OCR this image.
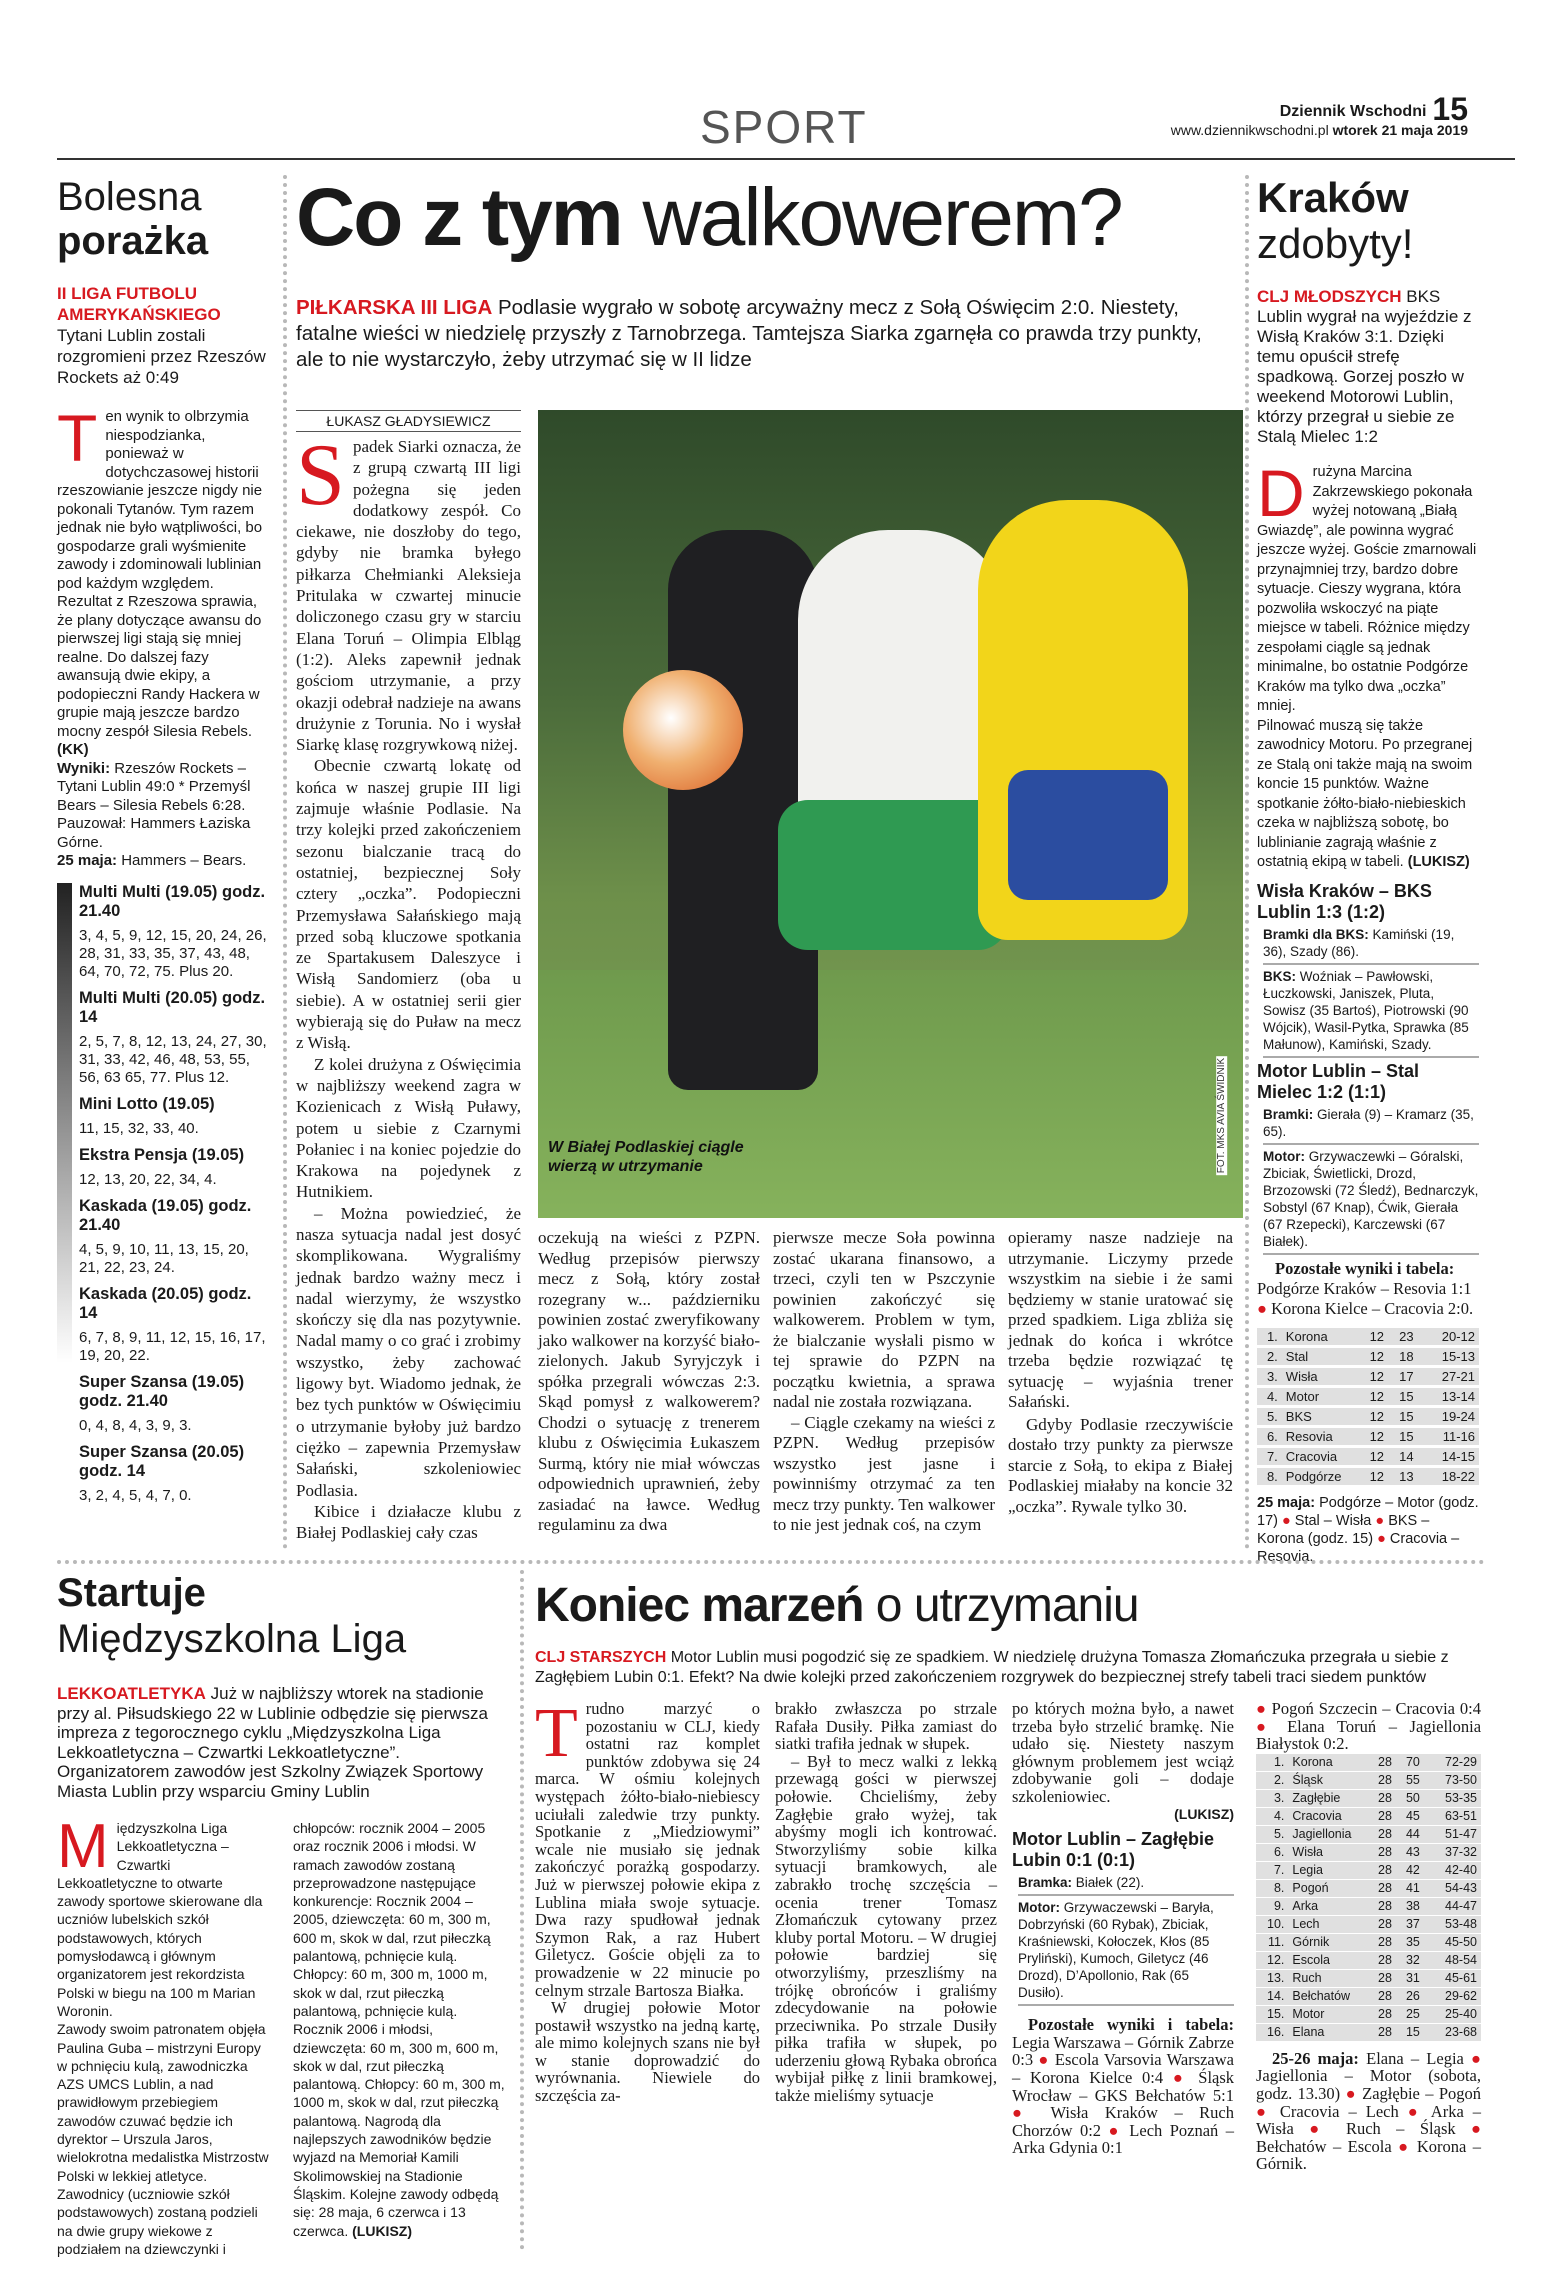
SPORT	Dziennik Wschodni 15
www.dziennikwschodni.pl wtorek 21 maja 2019
Bolesna
porażka
II LIGA FUTBOLU AMERYKAŃSKIEGO Tytani Lublin zostali rozgromieni przez Rzeszów Rockets aż 0:49
T en wynik to olbrzymia niespodzianka, ponieważ w dotychczasowej historii rzeszowianie jeszcze nigdy nie pokonali Tytanów. Tym razem jednak nie było wątpliwości, bo gospodarze grali wyśmienite zawody i zdominowali lublinian pod każdym względem. Rezultat z Rzeszowa sprawia, że plany dotyczące awansu do pierwszej ligi stają się mniej realne. Do dalszej fazy awansują dwie ekipy, a podopieczni Randy Hackera w grupie mają jeszcze bardzo mocny zespół Silesia Rebels. (KK)
Wyniki: Rzeszów Rockets – Tytani Lublin 49:0 * Przemyśl Bears – Silesia Rebels 6:28. Pauzował: Hammers Łaziska Górne.
25 maja: Hammers – Bears.
Multi Multi (19.05) godz. 21.40
3, 4, 5, 9, 12, 15, 20, 24, 26, 28, 31, 33, 35, 37, 43, 48, 64, 70, 72, 75. Plus 20.
Multi Multi (20.05) godz. 14
2, 5, 7, 8, 12, 13, 24, 27, 30, 31, 33, 42, 46, 48, 53, 55, 56, 63 65, 77. Plus 12.
Mini Lotto (19.05)
11, 15, 32, 33, 40.
Ekstra Pensja (19.05)
12, 13, 20, 22, 34, 4.
Kaskada (19.05) godz. 21.40
4, 5, 9, 10, 11, 13, 15, 20, 21, 22, 23, 24.
Kaskada (20.05) godz. 14
6, 7, 8, 9, 11, 12, 15, 16, 17, 19, 20, 22.
Super Szansa (19.05) godz. 21.40
0, 4, 8, 4, 3, 9, 3.
Super Szansa (20.05) godz. 14
3, 2, 4, 5, 4, 7, 0.
Co z tym walkowerem?
PIŁKARSKA III LIGA Podlasie wygrało w sobotę arcyważny mecz z Sołą Oświęcim 2:0. Niestety, fatalne wieści w niedzielę przyszły z Tarnobrzega. Tamtejsza Siarka zgarnęła co prawda trzy punkty, ale to nie wystarczyło, żeby utrzymać się w II lidze
ŁUKASZ GŁADYSIEWICZ
S padek Siarki oznacza, że z grupą czwartą III ligi pożegna się jeden dodatkowy zespół. Co ciekawe, nie doszłoby do tego, gdyby nie bramka byłego piłkarza Chełmianki Aleksieja Pritulaka w czwartej minucie doliczonego czasu gry w starciu Elana Toruń – Olimpia Elbląg (1:2). Aleks zapewnił jednak gościom utrzymanie, a przy okazji odebrał nadzieje na awans drużynie z Torunia. No i wysłał Siarkę klasę rozgrywkową niżej.

Obecnie czwartą lokatę od końca w naszej grupie III ligi zajmuje właśnie Podlasie. Na trzy kolejki przed zakończeniem sezonu bialczanie tracą do ostatniej, bezpiecznej Soły cztery „oczka”. Podopieczni Przemysława Sałańskiego mają przed sobą kluczowe spotkania ze Spartakusem Daleszyce i Wisłą Sandomierz (oba u siebie). A w ostatniej serii gier wybierają się do Puław na mecz z Wisłą.

Z kolei drużyna z Oświęcimia w najbliższy weekend zagra w Kozienicach z Wisłą Puławy, potem u siebie z Czarnymi Połaniec i na koniec pojedzie do Krakowa na pojedynek z Hutnikiem.

– Można powiedzieć, że nasza sytuacja nadal jest dosyć skomplikowana. Wygraliśmy jednak bardzo ważny mecz i nadal wierzymy, że wszystko skończy się dla nas pozytywnie. Nadal mamy o co grać i zrobimy wszystko, żeby zachować ligowy byt. Wiadomo jednak, że bez tych punktów w Oświęcimiu o utrzymanie byłoby już bardzo ciężko – zapewnia Przemysław Sałański, szkoleniowiec Podlasia.

Kibice i działacze klubu z Białej Podlaskiej cały czas

W Białej Podlaskiej ciągle wierzą w utrzymanie	FOT. MKS AVIA ŚWIDNIK
oczekują na wieści z PZPN. Według przepisów pierwszy mecz z Sołą, który został rozegrany w... październiku powinien zostać zweryfikowany jako walkower na korzyść biało-zielonych. Jakub Syryjczyk i spółka przegrali wówczas 2:3. Skąd pomysł z walkowerem? Chodzi o sytuację z trenerem klubu z Oświęcimia Łukaszem Surmą, który nie miał wówczas odpowiednich uprawnień, żeby zasiadać na ławce. Według regulaminu za dwa
pierwsze mecze Soła powinna zostać ukarana finansowo, a trzeci, czyli ten w Pszczynie powinien zakończyć się walkowerem. Problem w tym, że bialczanie wysłali pismo w tej sprawie do PZPN na początku kwietnia, a sprawa nadal nie została rozwiązana.

– Ciągle czekamy na wieści z PZPN. Według przepisów wszystko jest jasne i powinniśmy otrzymać za ten mecz trzy punkty. Ten walkower to nie jest jednak coś, na czym

opieramy nasze nadzieje na utrzymanie. Liczymy przede wszystkim na siebie i że sami będziemy w stanie uratować się przed spadkiem. Liga zbliża się jednak do końca i wkrótce trzeba będzie rozwiązać tę sytuację – wyjaśnia trener Sałański.

Gdyby Podlasie rzeczywiście dostało trzy punkty za pierwsze starcie z Sołą, to ekipa z Białej Podlaskiej miałaby na koncie 32 „oczka”. Rywale tylko 30.

Kraków
zdobyty!
CLJ MŁODSZYCH BKS Lublin wygrał na wyjeździe z Wisłą Kraków 3:1. Dzięki temu opuścił strefę spadkową. Gorzej poszło w weekend Motorowi Lublin, którzy przegrał u siebie ze Stalą Mielec 1:2
D rużyna Marcina Zakrzewskiego pokonała wyżej notowaną „Białą Gwiazdę”, ale powinna wygrać jeszcze wyżej. Goście zmarnowali przynajmniej trzy, bardzo dobre sytuacje. Cieszy wygrana, która pozwoliła wskoczyć na piąte miejsce w tabeli. Różnice między zespołami ciągle są jednak minimalne, bo ostatnie Podgórze Kraków ma tylko dwa „oczka” mniej.
Pilnować muszą się także zawodnicy Motoru. Po przegranej ze Stalą oni także mają na swoim koncie 15 punktów. Ważne spotkanie żółto-biało-niebieskich czeka w najbliższą sobotę, bo lublinianie zagrają właśnie z ostatnią ekipą w tabeli. (LUKISZ)
Wisła Kraków – BKS Lublin 1:3 (1:2)
Bramki dla BKS: Kamiński (19, 36), Szady (86).
BKS: Woźniak – Pawłowski, Łuczkowski, Janiszek, Pluta, Sowisz (35 Bartoś), Piotrowski (90 Wójcik), Wasil-Pytka, Sprawka (85 Małunow), Kamiński, Szady.
Motor Lublin – Stal Mielec 1:2 (1:1)
Bramki: Gierała (9) – Kramarz (35, 65).
Motor: Grzywaczewki – Góralski, Zbiciak, Świetlicki, Drozd, Brzozowski (72 Śledź), Bednarczyk, Sobstyl (67 Knap), Ćwik, Gierała (67 Rzepecki), Karczewski (67 Białek).
Pozostałe wyniki i tabela:
Podgórze Kraków – Resovia 1:1 ● Korona Kielce – Cracovia 2:0.
1.	Korona	12	23	20-12
2.	Stal	12	18	15-13
3.	Wisła	12	17	27-21
4.	Motor	12	15	13-14
5.	BKS	12	15	19-24
6.	Resovia	12	15	11-16
7.	Cracovia	12	14	14-15
8.	Podgórze	12	13	18-22
25 maja: Podgórze – Motor (godz. 17) ● Stal – Wisła ● BKS – Korona (godz. 15) ● Cracovia – Resovia.
Startuje
Międzyszkolna Liga
LEKKOATLETYKA Już w najbliższy wtorek na stadionie przy al. Piłsudskiego 22 w Lublinie odbędzie się pierwsza impreza z tegorocznego cyklu „Międzyszkolna Liga Lekkoatletyczna – Czwartki Lekkoatletyczne”. Organizatorem zawodów jest Szkolny Związek Sportowy Miasta Lublin przy wsparciu Gminy Lublin
M iędzyszkolna Liga Lekkoatletyczna – Czwartki Lekkoatletyczne to otwarte zawody sportowe skierowane dla uczniów lubelskich szkół podstawowych, których pomysłodawcą i głównym organizatorem jest rekordzista Polski w biegu na 100 m Marian Woronin.
Zawody swoim patronatem objęła Paulina Guba – mistrzyni Europy w pchnięciu kulą, zawodniczka AZS UMCS Lublin, a nad prawidłowym przebiegiem zawodów czuwać będzie ich dyrektor – Urszula Jaros, wielokrotna medalistka Mistrzostw Polski w lekkiej atletyce. Zawodnicy (uczniowie szkół podstawowych) zostaną podzieli na dwie grupy wiekowe z podziałem na dziewczynki i
chłopców: rocznik 2004 – 2005 oraz rocznik 2006 i młodsi. W ramach zawodów zostaną przeprowadzone następujące konkurencje: Rocznik 2004 – 2005, dziewczęta: 60 m, 300 m, 600 m, skok w dal, rzut piłeczką palantową, pchnięcie kulą. Chłopcy: 60 m, 300 m, 1000 m, skok w dal, rzut piłeczką palantową, pchnięcie kulą. Rocznik 2006 i młodsi, dziewczęta: 60 m, 300 m, 600 m, skok w dal, rzut piłeczką palantową. Chłopcy: 60 m, 300 m, 1000 m, skok w dal, rzut piłeczką palantową. Nagrodą dla najlepszych zawodników będzie wyjazd na Memoriał Kamili Skolimowskiej na Stadionie Śląskim. Kolejne zawody odbędą się: 28 maja, 6 czerwca i 13 czerwca. (LUKISZ)
Koniec marzeń o utrzymaniu
CLJ STARSZYCH Motor Lublin musi pogodzić się ze spadkiem. W niedzielę drużyna Tomasza Złomańczuka przegrała u siebie z Zagłębiem Lubin 0:1. Efekt? Na dwie kolejki przed zakończeniem rozgrywek do bezpiecznej strefy tabeli traci siedem punktów
T rudno marzyć o pozostaniu w CLJ, kiedy ostatni raz komplet punktów zdobywa się 24 marca. W ośmiu kolejnych występach żółto-biało-niebiescy uciułali zaledwie trzy punkty. Spotkanie z „Miedziowymi” wcale nie musiało się jednak zakończyć porażką gospodarzy. Już w pierwszej połowie ekipa z Lublina miała swoje sytuacje. Dwa razy spudłował jednak Szymon Rak, a raz Hubert Giletycz. Goście objęli za to prowadzenie w 22 minucie po celnym strzale Bartosza Białka.

W drugiej połowie Motor postawił wszystko na jedną kartę, ale mimo kolejnych szans nie był w stanie doprowadzić do wyrównania. Niewiele do szczęścia za-

brakło zwłaszcza po strzale Rafała Dusiły. Piłka zamiast do siatki trafiła jednak w słupek.

– Był to mecz walki z lekką przewagą gości w pierwszej połowie. Chcieliśmy, żeby Zagłębie grało wyżej, tak abyśmy mogli ich kontrować. Stworzyliśmy sobie kilka sytuacji bramkowych, ale zabrakło trochę szczęścia – ocenia trener Tomasz Złomańczuk cytowany przez kluby portal Motoru. – W drugiej połowie bardziej się otworzyliśmy, przeszliśmy na trójkę obrońców i graliśmy zdecydowanie na połowie przeciwnika. Po strzale Dusiły piłka trafiła w słupek, po uderzeniu głową Rybaka obrońca wybijał piłkę z linii bramkowej, także mieliśmy sytuacje

po których można było, a nawet trzeba było strzelić bramkę. Nie udało się. Niestety naszym głównym problemem jest wciąż zdobywanie goli – dodaje szkoleniowiec.
(LUKISZ)
Motor Lublin – Zagłębie Lubin 0:1 (0:1)
Bramka: Białek (22).
Motor: Grzywaczewski – Baryła, Dobrzyński (60 Rybak), Zbiciak, Kraśniewski, Kołoczek, Kłos (85 Pryliński), Kumoch, Giletycz (46 Drozd), D’Apollonio, Rak (65 Dusiło).
Pozostałe wyniki i tabela: Legia Warszawa – Górnik Zabrze 0:3 ● Escola Varsovia Warszawa – Korona Kielce 0:4 ● Śląsk Wrocław – GKS Bełchatów 5:1 ● Wisła Kraków – Ruch Chorzów 0:2 ● Lech Poznań – Arka Gdynia 0:1
● Pogoń Szczecin – Cracovia 0:4 ● Elana Toruń – Jagiellonia Białystok 0:2.
1.	Korona	28	70	72-29
2.	Śląsk	28	55	73-50
3.	Zagłębie	28	50	53-35
4.	Cracovia	28	45	63-51
5.	Jagiellonia	28	44	51-47
6.	Wisła	28	43	37-32
7.	Legia	28	42	42-40
8.	Pogoń	28	41	54-43
9.	Arka	28	38	44-47
10.	Lech	28	37	53-48
11.	Górnik	28	35	45-50
12.	Escola	28	32	48-54
13.	Ruch	28	31	45-61
14.	Bełchatów	28	26	29-62
15.	Motor	28	25	25-40
16.	Elana	28	15	23-68
25-26 maja: Elana – Legia ● Jagiellonia – Motor (sobota, godz. 13.30) ● Zagłębie – Pogoń ● Cracovia – Lech ● Arka – Wisła ● Ruch – Śląsk ● Bełchatów – Escola ● Korona – Górnik.
